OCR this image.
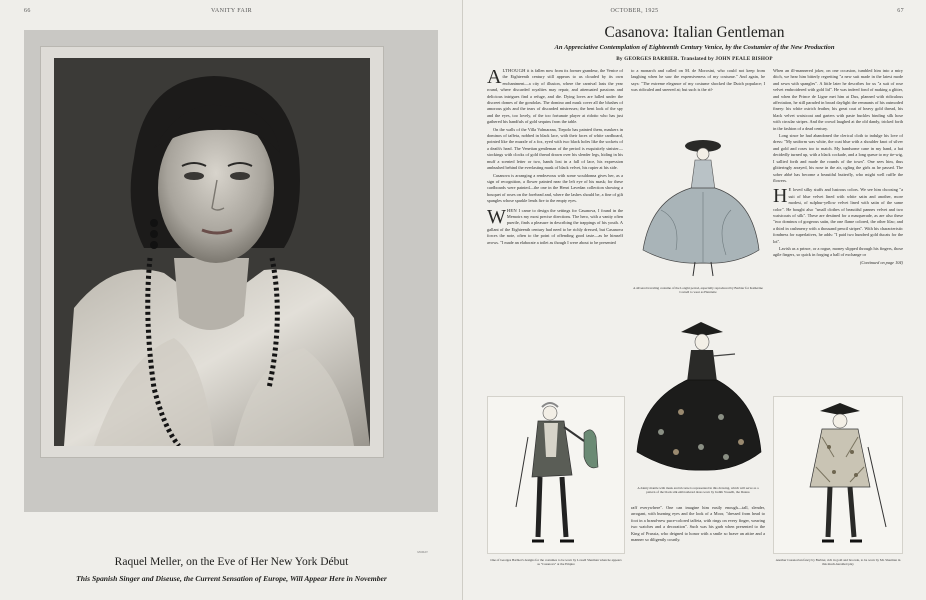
66	VANITY FAIR
MURAY
Raquel Meller, on the Eve of Her New York Début
This Spanish Singer and Diseuse, the Current Sensation of Europe, Will Appear Here in November
OCTOBER, 1925	67
Casanova: Italian Gentleman
An Appreciative Contemplation of Eighteenth Century Venice, by the Costumier of the New Production
By GEORGES BARBIER. Translated by JOHN PEALE BISHOP

ALTHOUGH it is fallen now from its former grandeur, the Venice of the Eighteenth century still appears to us clouded by its own enchantment—a city of illusion, where the carnival lasts the year round, where discarded royalties may repair, and attenuated passions and delicious intrigues find a refuge, and die. Dying loves are lulled under the discreet domes of the gondolas. The domino and mask cover all the blushes of amorous girls and the tears of discarded mistresses; the bent look of the spy and the eyes, too lovely, of the too fortunate player at ridotto who has just gathered his handfuls of gold sequins from the table.

On the walls of the Villa Valmarana, Tiepolo has painted them, maskers in dominos of taffeta, nobbed in black lace, with their faces of white cardboard, pointed like the muzzle of a fox, eyed with two black holes like the sockets of a death's head. The Venetian gentleman of the period is exquisitely sinister—stockings with clocks of gold thread drawn over his slender legs, hiding in his muff a scented letter or two, hands lost in a fall of lace, his expression ambushed behind the everlasting mask of black velvet, his rapier at his side.

Casanova is arranging a rendezvous with some wouldonna gives her, as a sign of recognition, a flower painted near the left eye of his mask; for these cardboards were painted—the one in the Henri Lavedan collection showing a bouquet of roses on the forehead and, where the lashes should be, a fine of gilt spangles whose sparkle lends fire to the empty eyes.

WHEN I came to design the settings for Casanova, I found in the Memoirs my most precise directions. The hero, with a vanity often puerile, finds a pleasure in describing the trappings of his youth. A gallant of the Eighteenth century had need to be richly dressed, but Casanova forces the note, often to the point of offending good taste—as he himself avows. "I made an elaborate a toilet as though I were about to be presented

to a monarch and called on M. de Morosini, who could not keep from laughing when he saw the expensiveness of my costume." And again, he says: "The extreme elegance of my costume shocked the Dutch populace; I was ridiculed and sneered at; but such is the rif-

When an ill-mannered joker, on one occasion, tumbled him into a miry ditch, we hear him bitterly regretting "a new suit made in the latest mode and sewn with spangles". A little later he describes for us "a suit of rose velvet embroidered with gold lid". He was indeed fond of making a glitter, and when the Prince de Ligne met him at Dux, planned with ridiculous affectation, he still paraded in broad daylight the remnants of his outmoded finery: his white ostrich feather, his great coat of heavy gold thread, his black velvet waistcoat and garters with paste buckles binding silk hose with circular stripes. And the crowd laughed at the old dandy, tricked forth in the fashion of a dead century.

Long since he had abandoned the clerical cloth to indulge his love of dress: "My uniform was white, the coat blue with a shoulder knot of silver and gold and roses too to match. My handsome cane in my hand, a hat decidedly turned up, with a black cockade, and a long queue to my tie-wig, I sallied forth and made the rounds of the town". One sees him, thus glitteringly arrayed, his nose in the air, ogling the girls as he passed. The sober abbé has become a beautiful butterfly, who might well ruffle the flowers.

H E loved silky stuffs and lustrous colors. We see him choosing "a suit of blue velvet lined with white satin and another, more modest, of sulphur-yellow velvet lined with satin of the same color". He bought also "small clothes of beautiful pannes velvet and two waistcoats of silk". These are destined for a masquerade, as are also these "two dominos of gorgeous satin, the one flame colored, the other lilac; and a third in cashmerry with a thousand pencil stripes". With his characteristic fondness for superlatives, he adds: "I paid two hundred gold ducats for the lot".

Lavish as a prince, or a rogue, money slipped through his fingers, those agile fingers, so quick in forging a ball of exchange or

(Continued on page 104)

A silvered traveling costume of the Longhi period, especially reproduced by Barbier for Katherine Cornell to wear as Henriette
A dainty mantle with mask and tricorne is represented in this drawing, which will serve as a pattern of the black silk embroidered dress worn by Judith Vosselli, the Dutess

raff everywhere". One can imagine him easily enough—tall, slender, arrogant, with burning eyes and the look of a Moor, "dressed from head to foot in a brand-new puce-colored taffeta, with rings on every finger, wearing two watches and a decoration". Such was his garb when presented to the King of Prussia, who deigned to honor with a smile so brave an attire and a manner so diligently courtly.

One of Georges Barbier's designs for the costumes to be worn by Lowell Sherman when he appears as "Casanova" at the Empire
Another Casanovian fancy by Barbier, rich in gold and brocade, to be worn by Mr. Sherman in this much-heralded play
